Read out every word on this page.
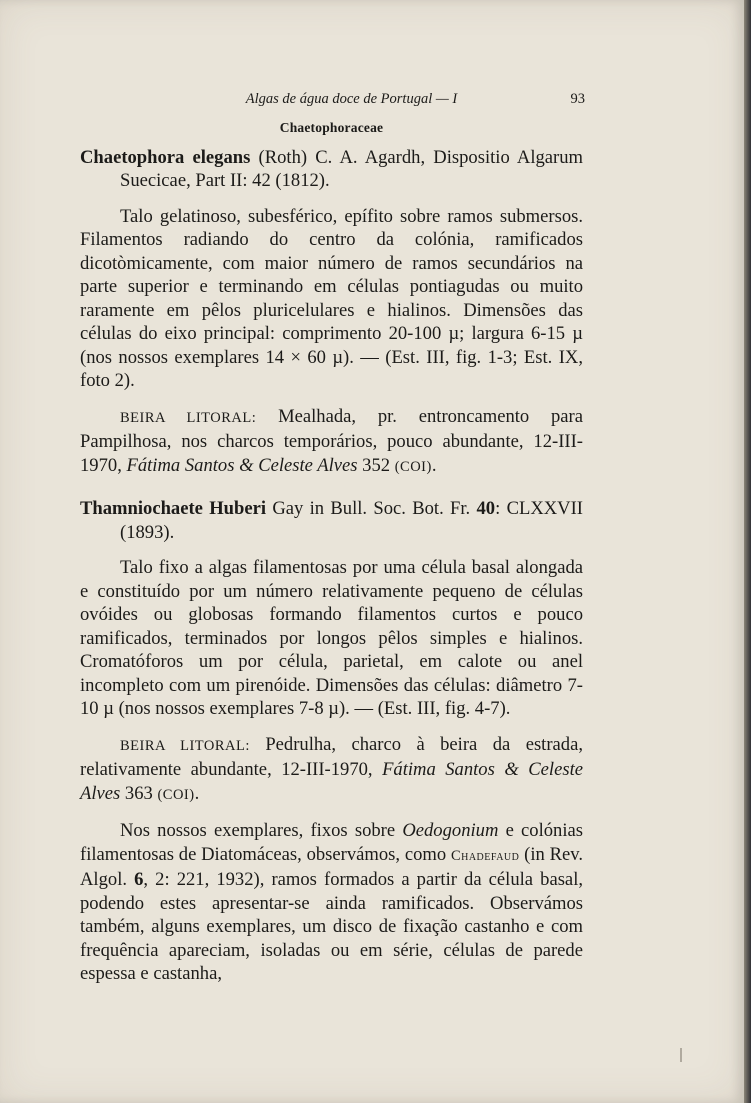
Algas de água doce de Portugal — I	93
Chaetophoraceae

Chaetophora elegans (Roth) C. A. Agardh, Dispositio Algarum Suecicae, Part II: 42 (1812).

Talo gelatinoso, subesférico, epífito sobre ramos submersos. Filamentos radiando do centro da colónia, ramificados dicotòmicamente, com maior número de ramos secundários na parte superior e terminando em células pontiagudas ou muito raramente em pêlos pluricelulares e hialinos. Dimensões das células do eixo principal: comprimento 20-100 µ; largura 6-15 µ (nos nossos exemplares 14 × 60 µ). — (Est. III, fig. 1-3; Est. IX, foto 2).

BEIRA LITORAL: Mealhada, pr. entroncamento para Pampilhosa, nos charcos temporários, pouco abundante, 12-III-1970, Fátima Santos & Celeste Alves 352 (COI).

Thamniochaete Huberi Gay in Bull. Soc. Bot. Fr. 40: CLXXVII (1893).

Talo fixo a algas filamentosas por uma célula basal alongada e constituído por um número relativamente pequeno de células ovóides ou globosas formando filamentos curtos e pouco ramificados, terminados por longos pêlos simples e hialinos. Cromatóforos um por célula, parietal, em calote ou anel incompleto com um pirenóide. Dimensões das células: diâmetro 7-10 µ (nos nossos exemplares 7-8 µ). — (Est. III, fig. 4-7).

BEIRA LITORAL: Pedrulha, charco à beira da estrada, relativamente abundante, 12-III-1970, Fátima Santos & Celeste Alves 363 (COI).

Nos nossos exemplares, fixos sobre Oedogonium e colónias filamentosas de Diatomáceas, observámos, como Chadefaud (in Rev. Algol. 6, 2: 221, 1932), ramos formados a partir da célula basal, podendo estes apresentar-se ainda ramificados. Observámos também, alguns exemplares, um disco de fixação castanho e com frequência apareciam, isoladas ou em série, células de parede espessa e castanha,
